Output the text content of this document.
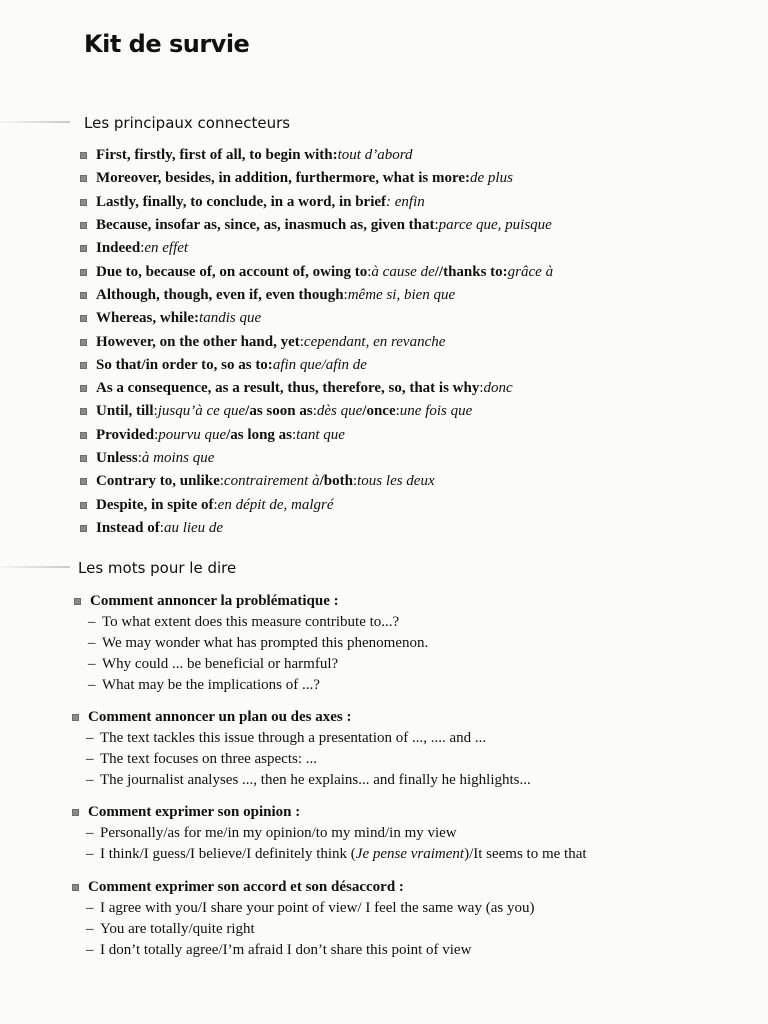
Kit de survie
Les principaux connecteurs
First, firstly, first of all, to begin with: tout d’abord
Moreover, besides, in addition, furthermore, what is more: de plus
Lastly, finally, to conclude, in a word, in brief : enfin
Because, insofar as, since, as, inasmuch as, given that : parce que, puisque
Indeed : en effet
Due to, because of, on account of, owing to : à cause de //thanks to: grâce à
Although, though, even if, even though : même si, bien que
Whereas, while: tandis que
However, on the other hand, yet : cependant, en revanche
So that/in order to, so as to: afin que/afin de
As a consequence, as a result, thus, therefore, so, that is why : donc
Until, till : jusqu’à ce que /as soon as : dès que /once : une fois que
Provided : pourvu que /as long as : tant que
Unless : à moins que
Contrary to, unlike : contrairement à /both : tous les deux
Despite, in spite of : en dépit de, malgré
Instead of : au lieu de
Les mots pour le dire
Comment annoncer la problématique :
– To what extent does this measure contribute to...?
– We may wonder what has prompted this phenomenon.
– Why could ... be beneficial or harmful?
– What may be the implications of ...?
Comment annoncer un plan ou des axes :
– The text tackles this issue through a presentation of ..., .... and ...
– The text focuses on three aspects: ...
– The journalist analyses ..., then he explains... and finally he highlights...
Comment exprimer son opinion :
– Personally/as for me/in my opinion/to my mind/in my view
– I think/I guess/I believe/I definitely think ( Je pense vraiment )/It seems to me that
Comment exprimer son accord et son désaccord :
– I agree with you/I share your point of view/ I feel the same way (as you)
– You are totally/quite right
– I don’t totally agree/I’m afraid I don’t share this point of view
